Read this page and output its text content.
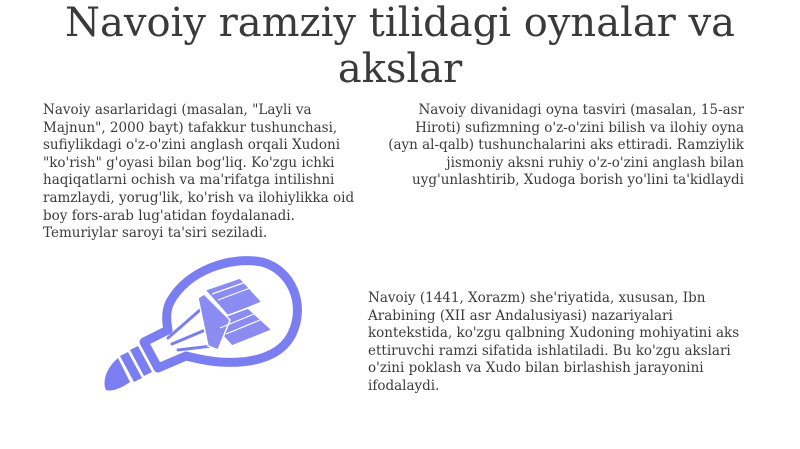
Navoiy ramziy tilidagi oynalar va akslar
Navoiy asarlaridagi (masalan, "Layli va Majnun", 2000 bayt) tafakkur tushunchasi, sufiylikdagi o'z-o'zini anglash orqali Xudoni "ko'rish" g'oyasi bilan bog'liq. Ko'zgu ichki haqiqatlarni ochish va ma'rifatga intilishni ramzlaydi, yorug'lik, ko'rish va ilohiylikka oid boy fors-arab lug'atidan foydalanadi. Temuriylar saroyi ta'siri seziladi.
Navoiy divanidagi oyna tasviri (masalan, 15-asr Hiroti) sufizmning o'z-o'zini bilish va ilohiy oyna (ayn al-qalb) tushunchalarini aks ettiradi. Ramziylik jismoniy aksni ruhiy o'z-o'zini anglash bilan uyg'unlashtirib, Xudoga borish yo'lini ta'kidlaydi
Navoiy (1441, Xorazm) she'riyatida, xususan, Ibn Arabining (XII asr Andalusiyasi) nazariyalari kontekstida, ko'zgu qalbning Xudoning mohiyatini aks ettiruvchi ramzi sifatida ishlatiladi. Bu ko'zgu akslari o'zini poklash va Xudo bilan birlashish jarayonini ifodalaydi.
